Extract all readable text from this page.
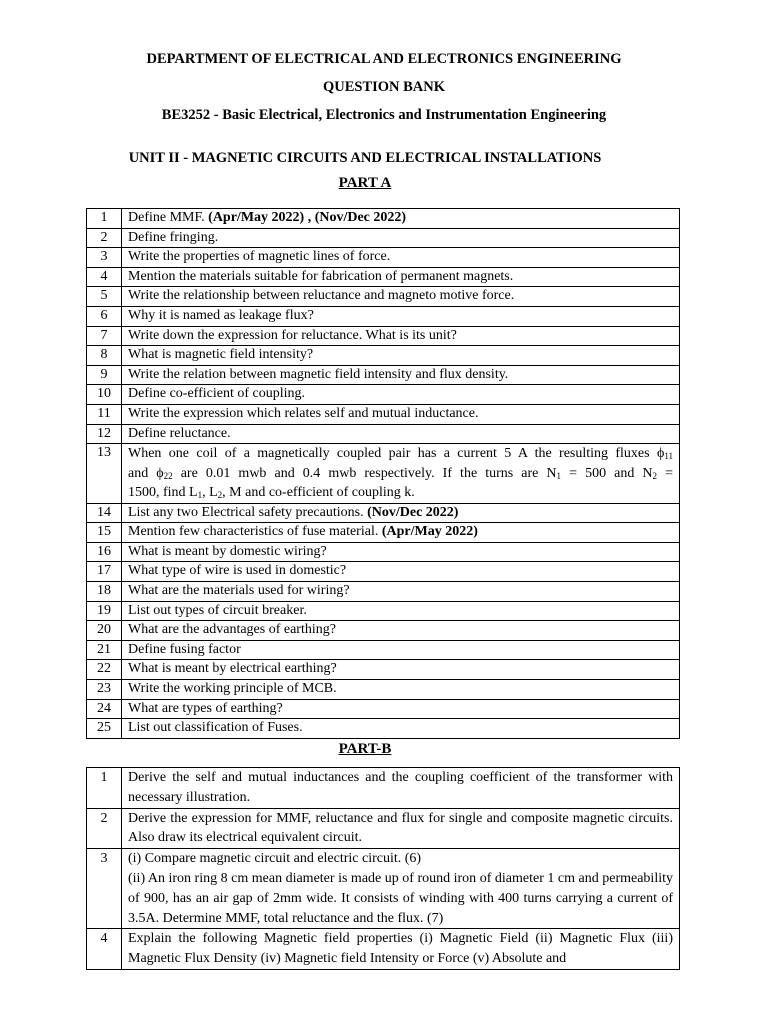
DEPARTMENT OF ELECTRICAL AND ELECTRONICS ENGINEERING
QUESTION BANK
BE3252 - Basic Electrical, Electronics and Instrumentation Engineering
UNIT II - MAGNETIC CIRCUITS AND ELECTRICAL INSTALLATIONS
PART A
1	Define MMF. (Apr/May 2022) , (Nov/Dec 2022)
2	Define fringing.
3	Write the properties of magnetic lines of force.
4	Mention the materials suitable for fabrication of permanent magnets.
5	Write the relationship between reluctance and magneto motive force.
6	Why it is named as leakage flux?
7	Write down the expression for reluctance. What is its unit?
8	What is magnetic field intensity?
9	Write the relation between magnetic field intensity and flux density.
10	Define co-efficient of coupling.
11	Write the expression which relates self and mutual inductance.
12	Define reluctance.
13	When one coil of a magnetically coupled pair has a current 5 A the resulting fluxes $\phi_{11}$
and $\phi_{22}$ are 0.01 mwb and 0.4 mwb respectively. If the turns are $N_1 = 500$ and $N_2$ =
1500, find $L_1$, $L_2$, M and co-efficient of coupling k.

14	List any two Electrical safety precautions. (Nov/Dec 2022)
15	Mention few characteristics of fuse material. (Apr/May 2022)
16	What is meant by domestic wiring?
17	What type of wire is used in domestic?
18	What are the materials used for wiring?
19	List out types of circuit breaker.
20	What are the advantages of earthing?
21	Define fusing factor
22	What is meant by electrical earthing?
23	Write the working principle of MCB.
24	What are types of earthing?
25	List out classification of Fuses.
PART-B
1	Derive the self and mutual inductances and the coupling coefficient of the transformer with necessary illustration.
2	Derive the expression for MMF, reluctance and flux for single and composite magnetic circuits. Also draw its electrical equivalent circuit.
3	(i) Compare magnetic circuit and electric circuit. (6)
(ii) An iron ring 8 cm mean diameter is made up of round iron of diameter 1 cm and permeability of 900, has an air gap of 2mm wide. It consists of winding with 400 turns carrying a current of 3.5A. Determine MMF, total reluctance and the flux. (7)
4	Explain the following Magnetic field properties (i) Magnetic Field (ii) Magnetic Flux (iii) Magnetic Flux Density (iv) Magnetic field Intensity or Force (v) Absolute and
